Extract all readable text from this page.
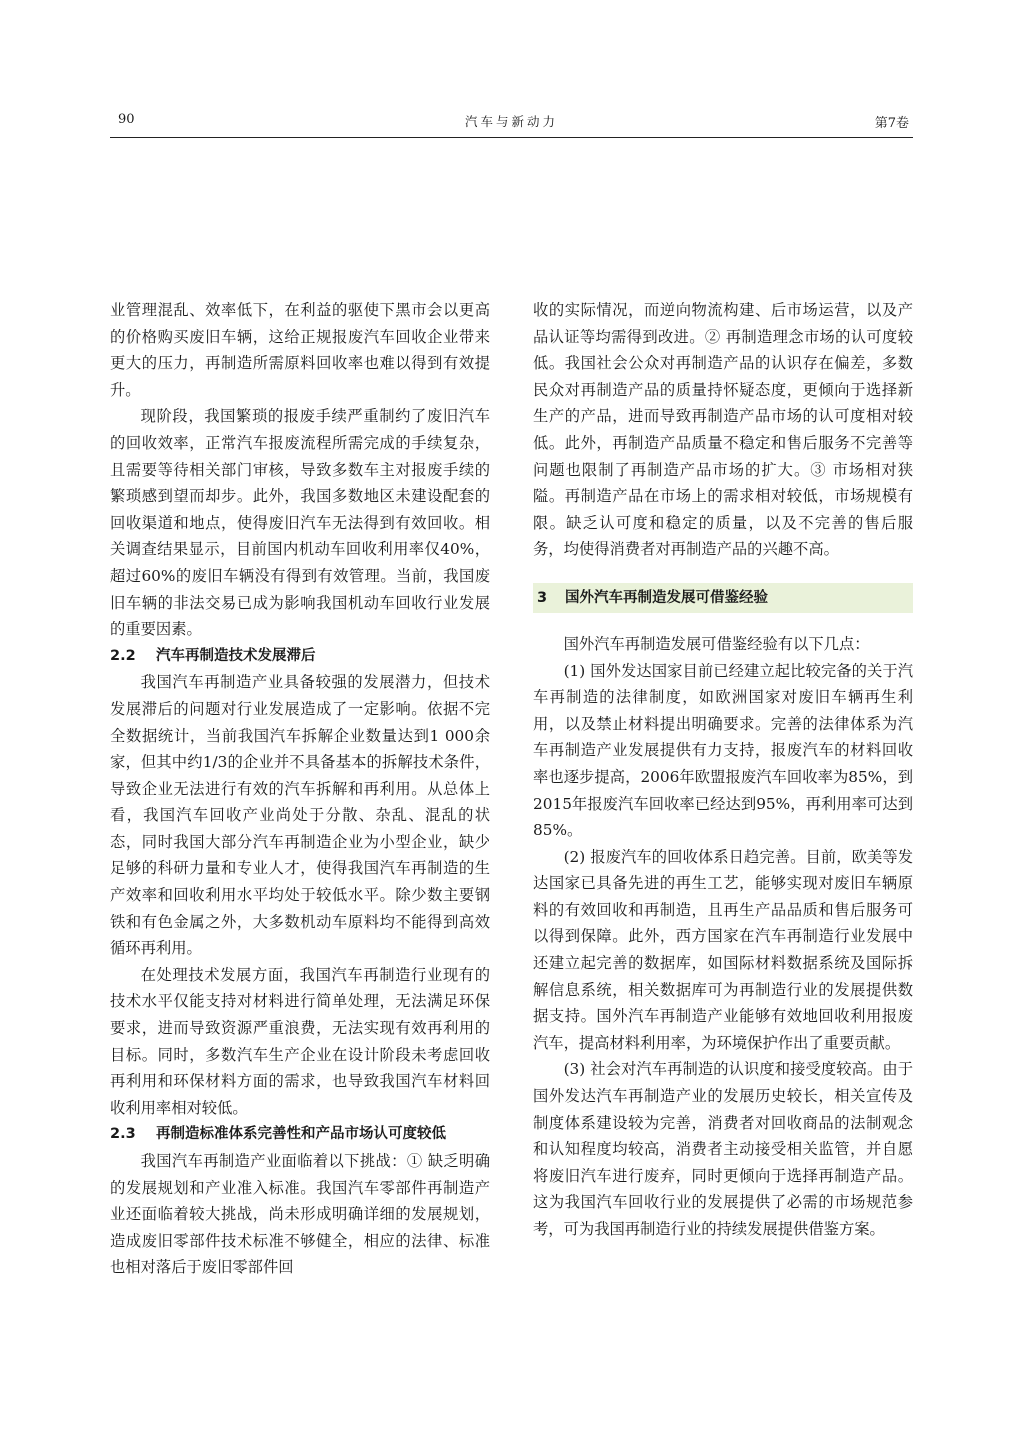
90	汽车与新动力	第7卷

业管理混乱、效率低下，在利益的驱使下黑市会以更高的价格购买废旧车辆，这给正规报废汽车回收企业带来更大的压力，再制造所需原料回收率也难以得到有效提升。

现阶段，我国繁琐的报废手续严重制约了废旧汽车的回收效率，正常汽车报废流程所需完成的手续复杂，且需要等待相关部门审核，导致多数车主对报废手续的繁琐感到望而却步。此外，我国多数地区未建设配套的回收渠道和地点，使得废旧汽车无法得到有效回收。相关调查结果显示，目前国内机动车回收利用率仅40%，超过60%的废旧车辆没有得到有效管理。当前，我国废旧车辆的非法交易已成为影响我国机动车回收行业发展的重要因素。

2.2 汽车再制造技术发展滞后

我国汽车再制造产业具备较强的发展潜力，但技术发展滞后的问题对行业发展造成了一定影响。依据不完全数据统计，当前我国汽车拆解企业数量达到1 000余家，但其中约1/3的企业并不具备基本的拆解技术条件，导致企业无法进行有效的汽车拆解和再利用。从总体上看，我国汽车回收产业尚处于分散、杂乱、混乱的状态，同时我国大部分汽车再制造企业为小型企业，缺少足够的科研力量和专业人才，使得我国汽车再制造的生产效率和回收利用水平均处于较低水平。除少数主要钢铁和有色金属之外，大多数机动车原料均不能得到高效循环再利用。

在处理技术发展方面，我国汽车再制造行业现有的技术水平仅能支持对材料进行简单处理，无法满足环保要求，进而导致资源严重浪费，无法实现有效再利用的目标。同时，多数汽车生产企业在设计阶段未考虑回收再利用和环保材料方面的需求，也导致我国汽车材料回收利用率相对较低。

2.3	再制造标准体系完善性和产品市场认可度较低

我国汽车再制造产业面临着以下挑战：① 缺乏明确的发展规划和产业准入标准。我国汽车零部件再制造产业还面临着较大挑战，尚未形成明确详细的发展规划，造成废旧零部件技术标准不够健全，相应的法律、标准也相对落后于废旧零部件回

收的实际情况，而逆向物流构建、后市场运营，以及产品认证等均需得到改进。② 再制造理念市场的认可度较低。我国社会公众对再制造产品的认识存在偏差，多数民众对再制造产品的质量持怀疑态度，更倾向于选择新生产的产品，进而导致再制造产品市场的认可度相对较低。此外，再制造产品质量不稳定和售后服务不完善等问题也限制了再制造产品市场的扩大。③ 市场相对狭隘。再制造产品在市场上的需求相对较低，市场规模有限。缺乏认可度和稳定的质量，以及不完善的售后服务，均使得消费者对再制造产品的兴趣不高。

3 国外汽车再制造发展可借鉴经验

国外汽车再制造发展可借鉴经验有以下几点：

(1) 国外发达国家目前已经建立起比较完备的关于汽车再制造的法律制度，如欧洲国家对废旧车辆再生利用，以及禁止材料提出明确要求。完善的法律体系为汽车再制造产业发展提供有力支持，报废汽车的材料回收率也逐步提高，2006年欧盟报废汽车回收率为85%，到2015年报废汽车回收率已经达到95%，再利用率可达到85%。

(2) 报废汽车的回收体系日趋完善。目前，欧美等发达国家已具备先进的再生工艺，能够实现对废旧车辆原料的有效回收和再制造，且再生产品品质和售后服务可以得到保障。此外，西方国家在汽车再制造行业发展中还建立起完善的数据库，如国际材料数据系统及国际拆解信息系统，相关数据库可为再制造行业的发展提供数据支持。国外汽车再制造产业能够有效地回收利用报废汽车，提高材料利用率，为环境保护作出了重要贡献。

(3) 社会对汽车再制造的认识度和接受度较高。由于国外发达汽车再制造产业的发展历史较长，相关宣传及制度体系建设较为完善，消费者对回收商品的法制观念和认知程度均较高，消费者主动接受相关监管，并自愿将废旧汽车进行废弃，同时更倾向于选择再制造产品。这为我国汽车回收行业的发展提供了必需的市场规范参考，可为我国再制造行业的持续发展提供借鉴方案。
